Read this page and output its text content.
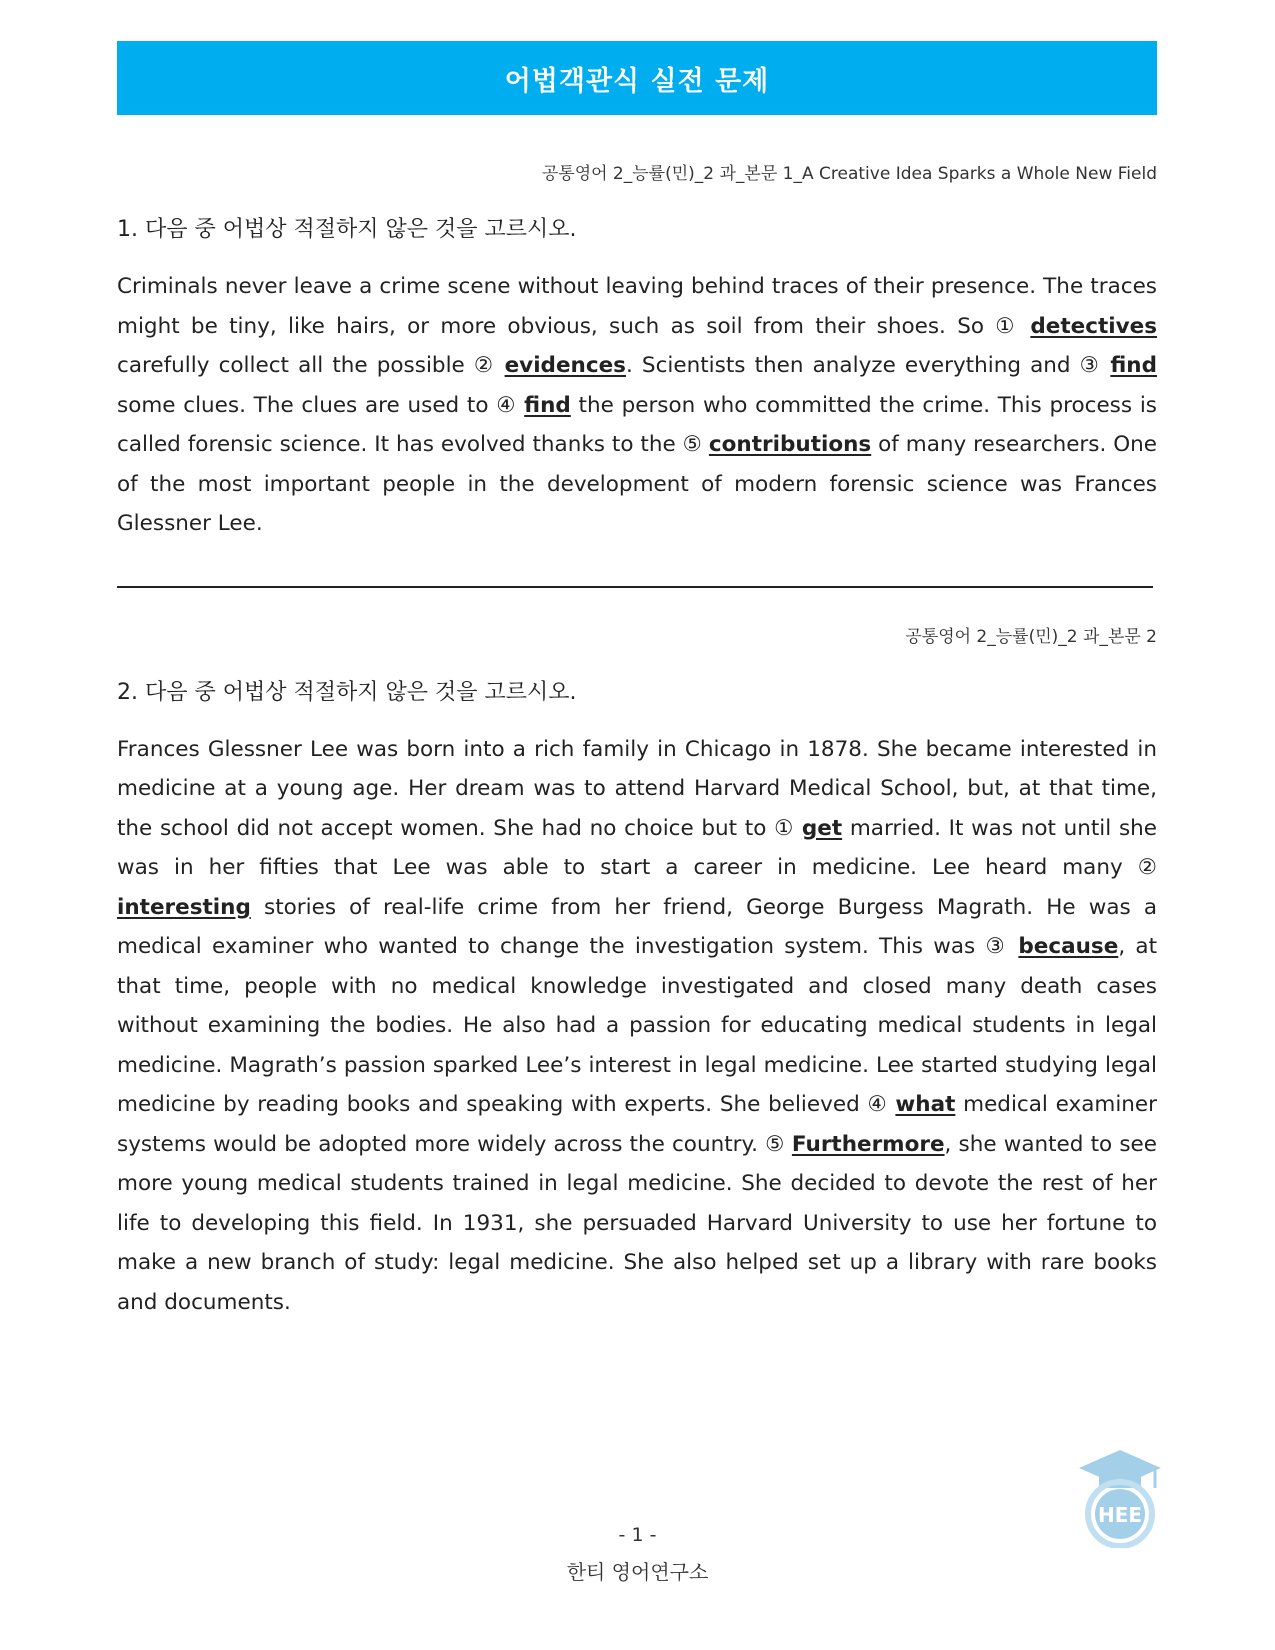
어법객관식 실전 문제
공통영어 2_능률(민)_2 과_본문 1_A Creative Idea Sparks a Whole New Field
1. 다음 중 어법상 적절하지 않은 것을 고르시오.
Criminals never leave a crime scene without leaving behind traces of their presence. The traces might be tiny, like hairs, or more obvious, such as soil from their shoes. So ① detectives carefully collect all the possible ② evidences. Scientists then analyze everything and ③ find some clues. The clues are used to ④ find the person who committed the crime. This process is called forensic science. It has evolved thanks to the ⑤ contributions of many researchers. One of the most important people in the development of modern forensic science was Frances Glessner Lee.
공통영어 2_능률(민)_2 과_본문 2
2. 다음 중 어법상 적절하지 않은 것을 고르시오.
Frances Glessner Lee was born into a rich family in Chicago in 1878. She became interested in medicine at a young age. Her dream was to attend Harvard Medical School, but, at that time, the school did not accept women. She had no choice but to ① get married. It was not until she was in her fifties that Lee was able to start a career in medicine. Lee heard many ② interesting stories of real-life crime from her friend, George Burgess Magrath. He was a medical examiner who wanted to change the investigation system. This was ③ because, at that time, people with no medical knowledge investigated and closed many death cases without examining the bodies. He also had a passion for educating medical students in legal medicine. Magrath’s passion sparked Lee’s interest in legal medicine. Lee started studying legal medicine by reading books and speaking with experts. She believed ④ what medical examiner systems would be adopted more widely across the country. ⑤ Furthermore, she wanted to see more young medical students trained in legal medicine. She decided to devote the rest of her life to developing this field. In 1931, she persuaded Harvard University to use her fortune to make a new branch of study: legal medicine. She also helped set up a library with rare books and documents.
HEE
- 1 -
한티 영어연구소
